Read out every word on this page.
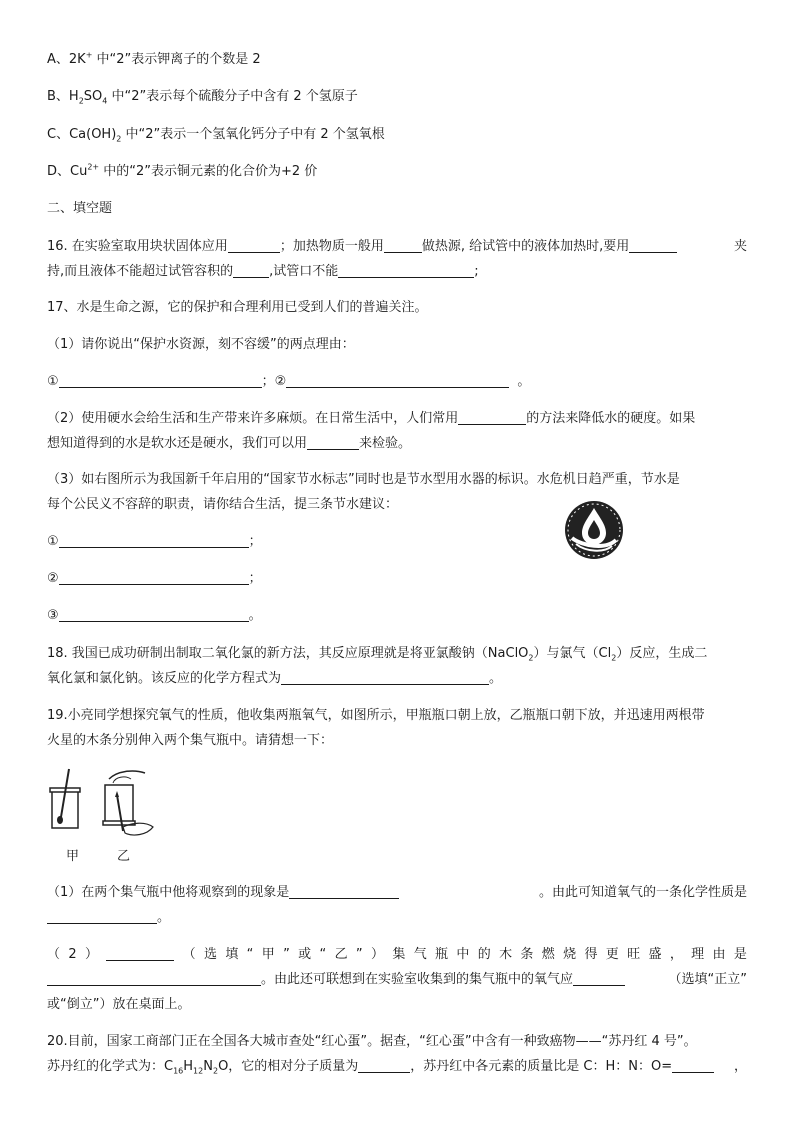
A、2K+ 中“2”表示钾离子的个数是 2
B、$H_2SO_4$ 中“2”表示每个硫酸分子中含有 2 个氢原子
C、$Ca(OH)_2$ 中“2”表示一个氢氧化钙分子中有 2 个氢氧根
D、$Cu^{2+}$ 中的“2”表示铜元素的化合价为+2 价
二、填空题
16. 在实验室取用块状固体应用	；加热物质一般用	做热源, 给试管中的液体加热时,要用	夹
持,而且液体不能超过试管容积的	,试管口不能	;
17、水是生命之源，它的保护和合理利用已受到人们的普遍关注。
（1）请你说出“保护水资源，刻不容缓”的两点理由：
①	；②	。
（2）使用硬水会给生活和生产带来许多麻烦。在日常生活中，人们常用	的方法来降低水的硬度。如果
想知道得到的水是软水还是硬水，我们可以用	来检验。
（3）如右图所示为我国新千年启用的“国家节水标志”同时也是节水型用水器的标识。水危机日趋严重，节水是
每个公民义不容辞的职责，请你结合生活，提三条节水建议：
①	；
②	；
③	。
18. 我国已成功研制出制取二氧化氯的新方法，其反应原理就是将亚氯酸钠（NaClO$_2$）与氯气$(Cl_2)$反应，生成二
氧化氯和氯化钠。该反应的化学方程式为	。
19.小亮同学想探究氧气的性质，他收集两瓶氧气，如图所示，甲瓶瓶口朝上放，乙瓶瓶口朝下放，并迅速用两根带
火星的木条分别伸入两个集气瓶中。请猜想一下：
甲	乙
（1）在两个集气瓶中他将观察到的现象是	。由此可知道氧气的一条化学性质是
。
（ 2 ）	（ 选 填 “ 甲 ” 或 “ 乙 ” ） 集 气 瓶 中 的 木 条 燃 烧 得 更 旺 盛 ， 理 由 是
。由此还可联想到在实验室收集到的集气瓶中的氧气应	（选填“正立”
或“倒立”）放在桌面上。
20.目前，国家工商部门正在全国各大城市查处“红心蛋”。据查，“红心蛋”中含有一种致癌物——“苏丹红 4 号”。
苏丹红的化学式为：$C_{16}H_{12}N_2O$，它的相对分子质量为	，苏丹红中各元素的质量比是 C：H：N：O=	，
